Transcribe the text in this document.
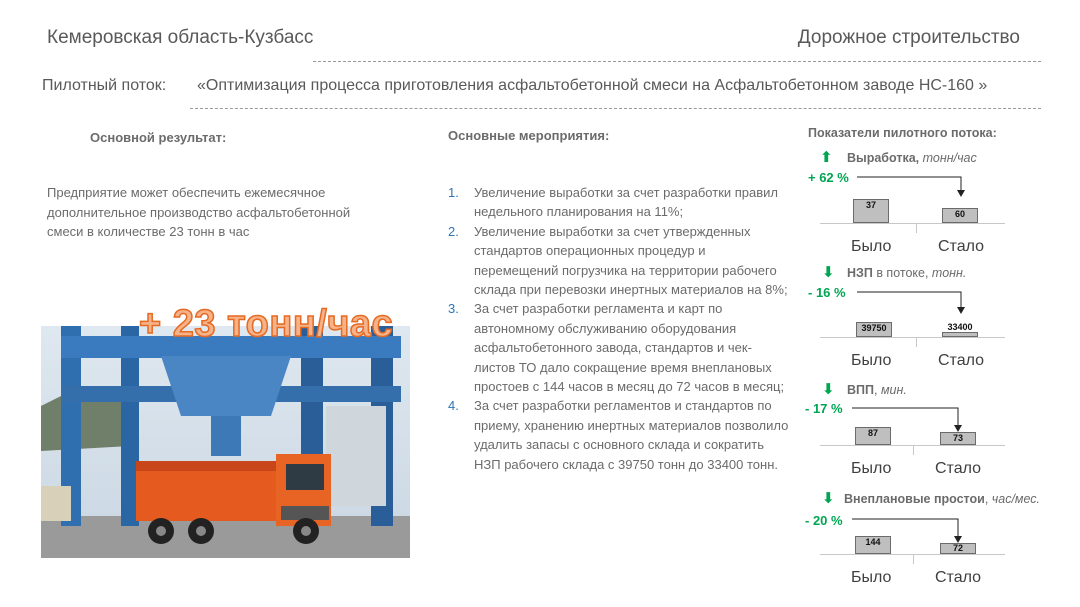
Кемеровская область-Кузбасс	Дорожное строительство
Пилотный поток: «Оптимизация процесса приготовления асфальтобетонной смеси на Асфальтобетонном заводе НС-160 »
Основной результат:	Основные мероприятия:	Показатели пилотного потока:
Предприятие может обеспечить ежемесячное дополнительное производство асфальтобетонной смеси в количестве 23 тонн в час
+ 23 тонн/час
1. Увеличение выработки за счет разработки правил недельного планирования на 11%;
2. Увеличение выработки за счет утвержденных стандартов операционных процедур и перемещений погрузчика на территории рабочего склада при перевозки инертных материалов на 8%;
3. За счет разработки регламента и карт по автономному обслуживанию оборудования асфальтобетонного завода, стандартов и чек-листов ТО дало сокращение время внеплановых простоев с 144 часов в месяц до 72 часов в месяц;
4. За счет разработки регламентов и стандартов по приему, хранению инертных материалов позволило удалить запасы с основного склада и сократить НЗП рабочего склада с 39750 тонн до 33400 тонн.
⬆ Выработка, тонн/час
+ 62 %
37
60
Было	Стало
⬇ НЗП в потоке, тонн.
- 16 %
39750	33400
Было	Стало
⬇ ВПП, мин.
- 17 %
87	73
Было	Стало
⬇ Внеплановые простои, час/мес.
- 20 %
144
72
Было	Стало
